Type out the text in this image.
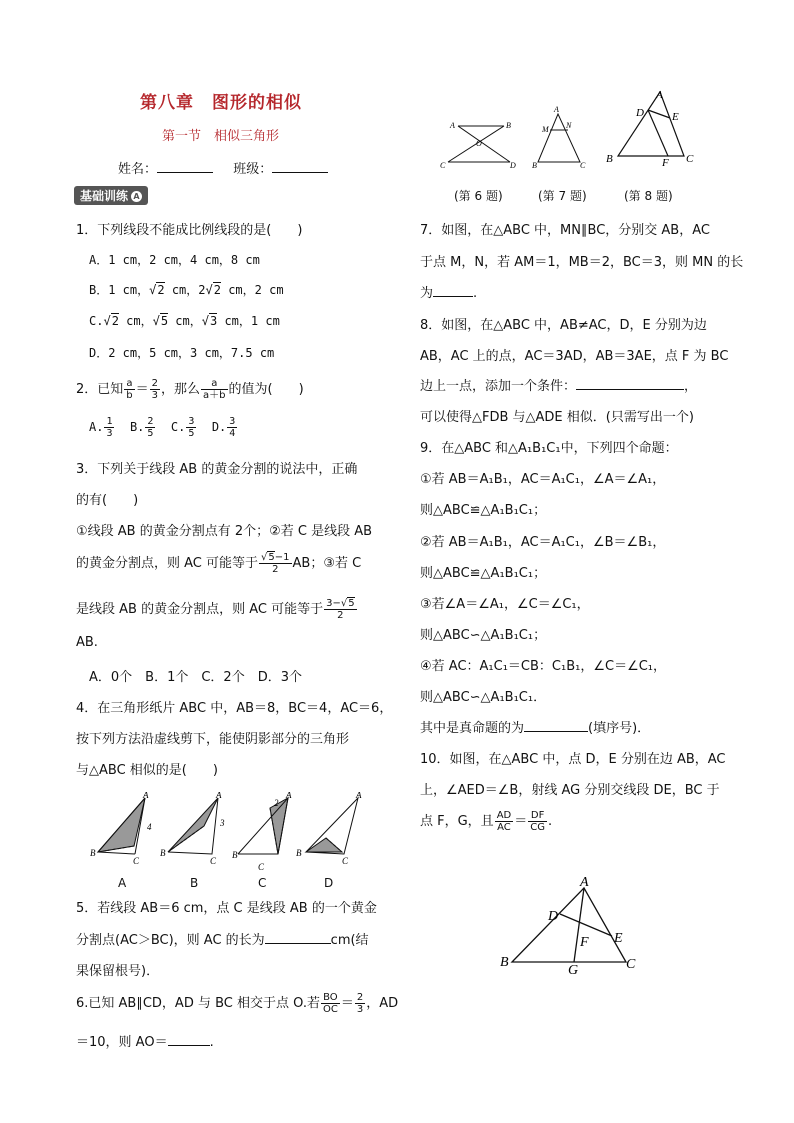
第八章　图形的相似
第一节　相似三角形
姓名：	班级：
基础训练 A
1．下列线段不能成比例线段的是(　　)
A．1 cm，2 cm，4 cm，8 cm
B．1 cm，√2 cm，2√2 cm，2 cm
C.√2 cm，√5 cm，√3 cm，1 cm
D．2 cm，5 cm，3 cm，7.5 cm
2．已知 $\frac{a}{b} = \frac{2}{3}$ ，那么 $\frac{a}{a+b}$ 的值为(　　)
A. $\frac{1}{3} B$. $\frac{2}{5} C$. $\frac{3}{5} D$. $\frac{3}{4}$
3．下列关于线段 AB 的黄金分割的说法中，正确
的有(　　)
①线段 AB 的黄金分割点有 2个；②若 C 是线段 AB
的黄金分割点，则 AC 可能等于 $\frac{√5-1}{2}$ AB；③若 C
是线段 AB 的黄金分割点，则 AC 可能等于 $\frac{3-√5}{2}$
AB.
A．0个　B．1个　C．2个　D．3个
4．在三角形纸片 ABC 中，AB＝8，BC＝4，AC＝6，
按下列方法沿虚线剪下，能使阴影部分的三角形
与△ABC 相似的是(　　)
A
B
C
4
A
B
C
3
A
B
C
2
A
B
C
A	B	C	D
5．若线段 AB＝6 cm，点 C 是线段 AB 的一个黄金
分割点(AC＞BC)，则 AC 的长为	cm(结
果保留根号)．
6.已知 AB∥CD，AD 与 BC 相交于点 O.若 $\frac{BO}{OC} = \frac{2}{3}$ ，AD
＝10，则 AO＝	.
A	B
O
C	D
A
M N
B	C
A
D	E
B	F C
(第 6 题)	(第 7 题)	(第 8 题)
7．如图，在△ABC 中，MN∥BC，分别交 AB，AC
于点 M，N，若 AM＝1，MB＝2，BC＝3，则 MN 的长
为	.
8．如图，在△ABC 中，AB≠AC，D，E 分别为边
AB，AC 上的点，AC＝3AD，AB＝3AE，点 F 为 BC
边上一点，添加一个条件：	，
可以使得△FDB 与△ADE 相似．(只需写出一个)
9．在△ABC 和△A₁B₁C₁中，下列四个命题：
①若 AB＝A₁B₁，AC＝A₁C₁，∠A＝∠A₁，
则△ABC≌△A₁B₁C₁；
②若 AB＝A₁B₁，AC＝A₁C₁，∠B＝∠B₁，
则△ABC≌△A₁B₁C₁；
③若∠A＝∠A₁，∠C＝∠C₁，
则△ABC∽△A₁B₁C₁；
④若 AC：A₁C₁＝CB：C₁B₁，∠C＝∠C₁，
则△ABC∽△A₁B₁C₁．
其中是真命题的为	(填序号)．
10．如图，在△ABC 中，点 D，E 分别在边 AB，AC
上，∠AED＝∠B，射线 AG 分别交线段 DE，BC 于
点 F，G，且 $\frac{AD}{AC} = \frac{DF}{CG}$ .
A
D
E
F
B
G	C
